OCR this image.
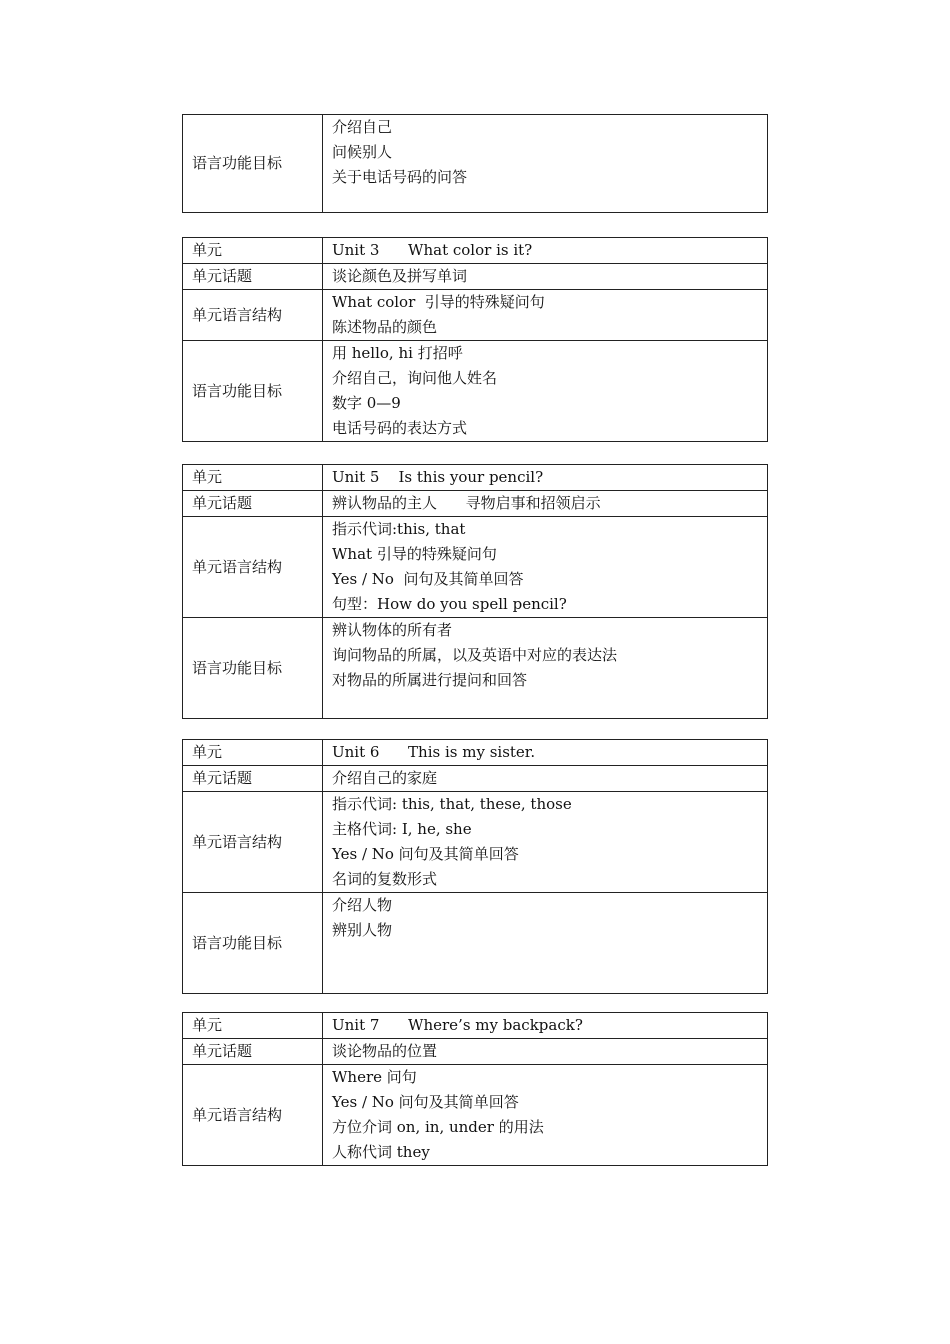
语言功能目标	
介绍自己
问候别人
关于电话号码的问答
单元	Unit 3      What color is it?

单元话题	谈论颜色及拼写单词

单元语言结构	What color  引导的特殊疑问句
陈述物品的颜色

语言功能目标	用 hello, hi 打招呼
介绍自己，询问他人姓名
数字 0—9
电话号码的表达方式
单元	Unit 5    Is this your pencil?

单元话题	辨认物品的主人      寻物启事和招领启示

单元语言结构	指示代词:this, that
What 引导的特殊疑问句
Yes / No  问句及其简单回答
句型：How do you spell pencil?

语言功能目标	辨认物体的所有者
询问物品的所属，以及英语中对应的表达法
对物品的所属进行提问和回答
单元	Unit 6      This is my sister.

单元话题	介绍自己的家庭

单元语言结构	指示代词: this, that, these, those
主格代词: I, he, she
Yes / No 问句及其简单回答
名词的复数形式

语言功能目标	介绍人物
辨别人物
单元	Unit 7      Where’s my backpack?

单元话题	谈论物品的位置

单元语言结构	Where 问句
Yes / No 问句及其简单回答
方位介词 on, in, under 的用法
人称代词 they
